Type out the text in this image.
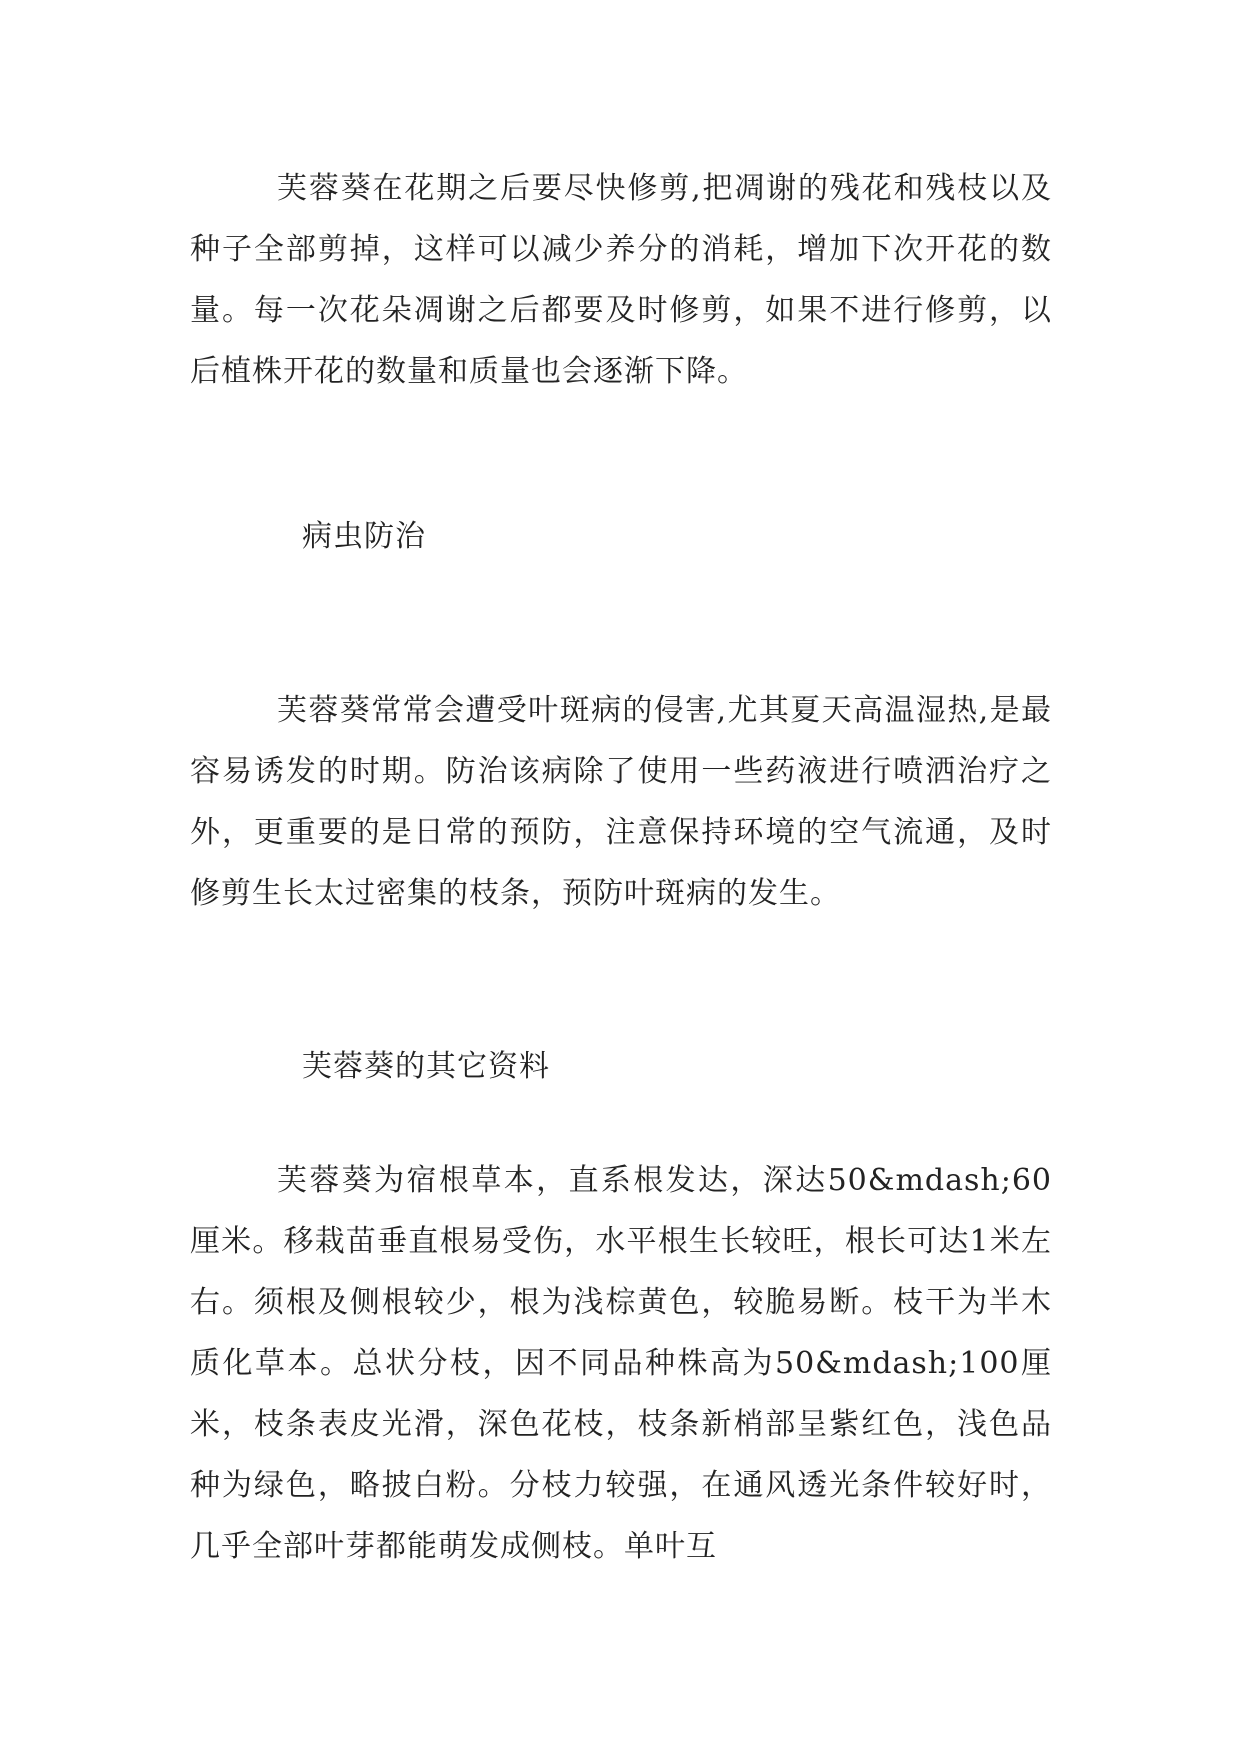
芙蓉葵在花期之后要尽快修剪,把凋谢的残花和残枝以及种子全部剪掉，这样可以减少养分的消耗，增加下次开花的数量。每一次花朵凋谢之后都要及时修剪，如果不进行修剪，以后植株开花的数量和质量也会逐渐下降。

病虫防治

芙蓉葵常常会遭受叶斑病的侵害,尤其夏天高温湿热,是最容易诱发的时期。防治该病除了使用一些药液进行喷洒治疗之外，更重要的是日常的预防，注意保持环境的空气流通，及时修剪生长太过密集的枝条，预防叶斑病的发生。

芙蓉葵的其它资料

芙蓉葵为宿根草本，直系根发达，深达50&mdash;60厘米。移栽苗垂直根易受伤，水平根生长较旺，根长可达1米左右。须根及侧根较少，根为浅棕黄色，较脆易断。枝干为半木质化草本。总状分枝，因不同品种株高为50&mdash;100厘米，枝条表皮光滑，深色花枝，枝条新梢部呈紫红色，浅色品种为绿色，略披白粉。分枝力较强，在通风透光条件较好时，几乎全部叶芽都能萌发成侧枝。单叶互
